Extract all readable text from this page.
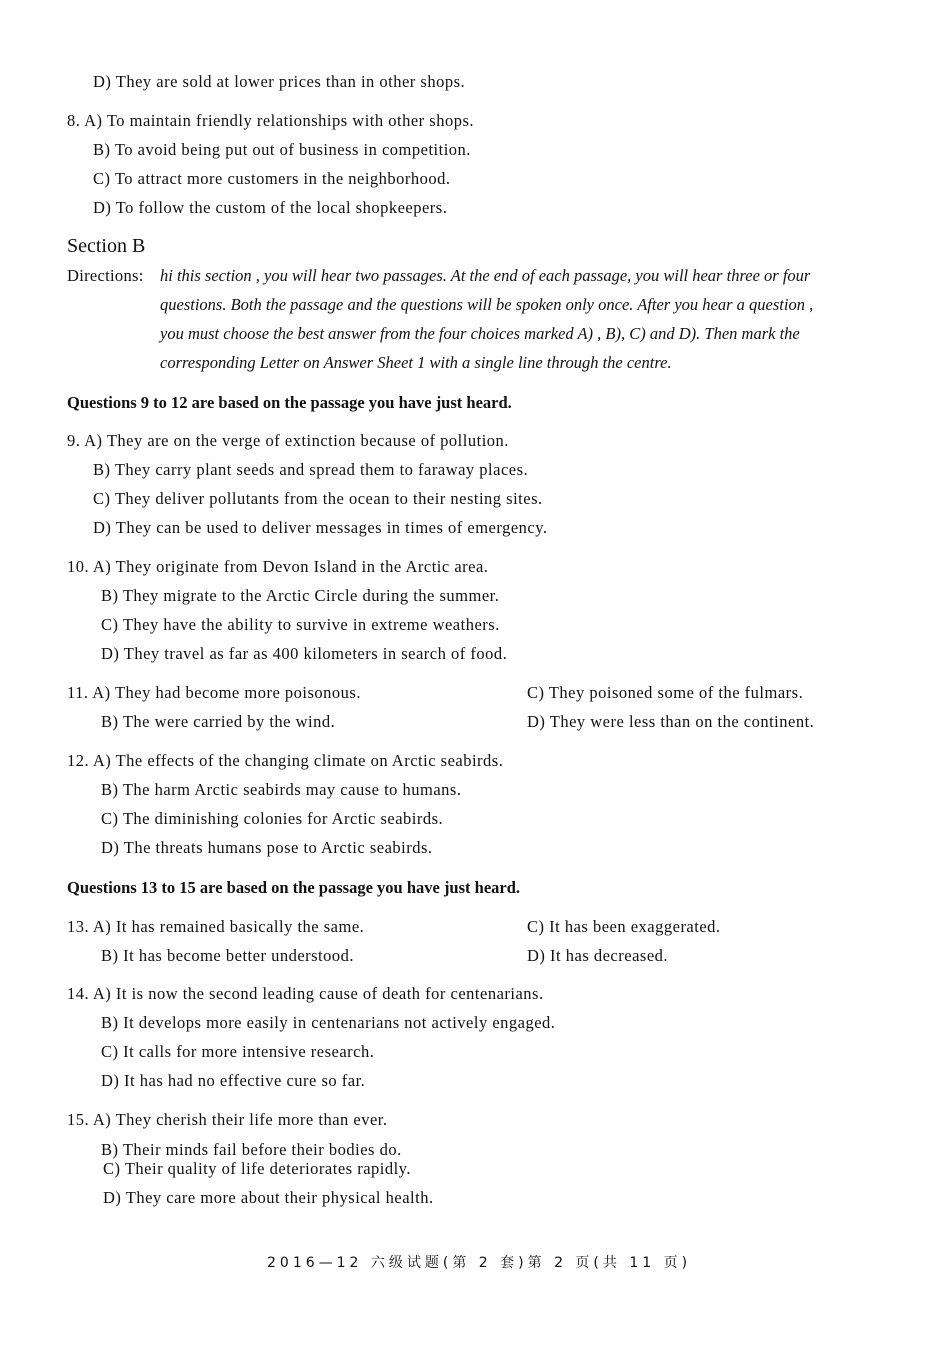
D) They are sold at lower prices than in other shops.
8. A) To maintain friendly relationships with other shops.
B) To avoid being put out of business in competition.
C) To attract more customers in the neighborhood.
D) To follow the custom of the local shopkeepers.
Section B
Directions: hi this section , you will hear two passages. At the end of each passage, you will hear three or four
questions. Both the passage and the questions will be spoken only once. After you hear a question ,
you must choose the best answer from the four choices marked A) , B), C) and D). Then mark the
corresponding Letter on Answer Sheet 1 with a single line through the centre.
Questions 9 to 12 are based on the passage you have just heard.
9. A) They are on the verge of extinction because of pollution.
B) They carry plant seeds and spread them to faraway places.
C) They deliver pollutants from the ocean to their nesting sites.
D) They can be used to deliver messages in times of emergency.
10. A) They originate from Devon Island in the Arctic area.
B) They migrate to the Arctic Circle during the summer.
C) They have the ability to survive in extreme weathers.
D) They travel as far as 400 kilometers in search of food.
11. A) They had become more poisonous.
B) The were carried by the wind.
C) They poisoned some of the fulmars.
D) They were less than on the continent.
12. A) The effects of the changing climate on Arctic seabirds.
B) The harm Arctic seabirds may cause to humans.
C) The diminishing colonies for Arctic seabirds.
D) The threats humans pose to Arctic seabirds.
Questions 13 to 15 are based on the passage you have just heard.
13. A) It has remained basically the same.
B) It has become better understood.
C) It has been exaggerated.
D) It has decreased.
14. A) It is now the second leading cause of death for centenarians.
B) It develops more easily in centenarians not actively engaged.
C) It calls for more intensive research.
D) It has had no effective cure so far.
15. A) They cherish their life more than ever.
B) Their minds fail before their bodies do.
C) Their quality of life deteriorates rapidly.
D) They care more about their physical health.
2016—12 六级试题(第 2 套)第 2 页(共 11 页)
